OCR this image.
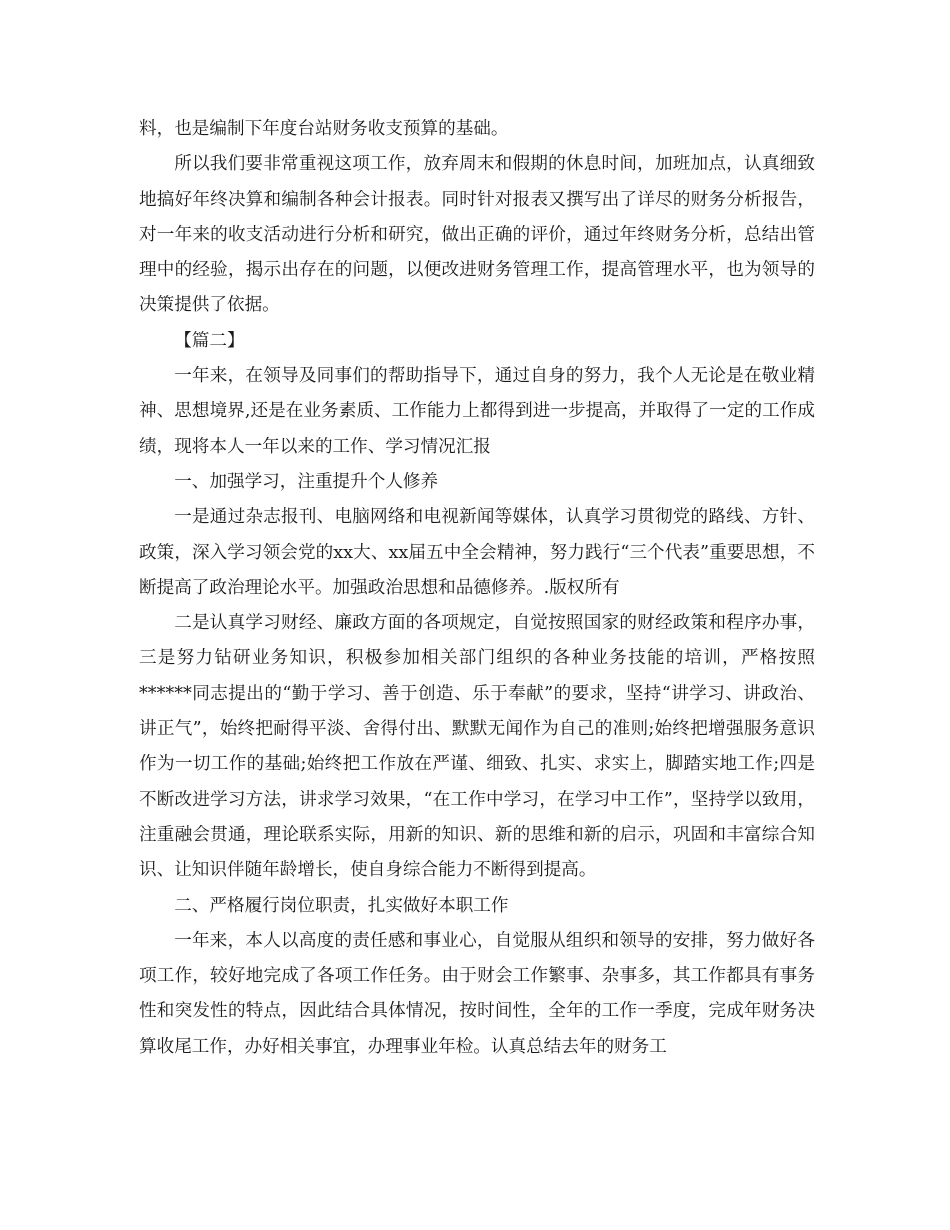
料，也是编制下年度台站财务收支预算的基础。

所以我们要非常重视这项工作，放弃周末和假期的休息时间，加班加点，认真细致地搞好年终决算和编制各种会计报表。同时针对报表又撰写出了详尽的财务分析报告，对一年来的收支活动进行分析和研究，做出正确的评价，通过年终财务分析，总结出管理中的经验，揭示出存在的问题，以便改进财务管理工作，提高管理水平，也为领导的决策提供了依据。

【篇二】

一年来，在领导及同事们的帮助指导下，通过自身的努力，我个人无论是在敬业精神、思想境界,还是在业务素质、工作能力上都得到进一步提高，并取得了一定的工作成绩，现将本人一年以来的工作、学习情况汇报

一、加强学习，注重提升个人修养

一是通过杂志报刊、电脑网络和电视新闻等媒体，认真学习贯彻党的路线、方针、政策，深入学习领会党的xx大、xx届五中全会精神，努力践行“三个代表”重要思想，不断提高了政治理论水平。加强政治思想和品德修养。.版权所有

二是认真学习财经、廉政方面的各项规定，自觉按照国家的财经政策和程序办事，三是努力钻研业务知识，积极参加相关部门组织的各种业务技能的培训，严格按照******同志提出的“勤于学习、善于创造、乐于奉献”的要求，坚持“讲学习、讲政治、讲正气”，始终把耐得平淡、舍得付出、默默无闻作为自己的准则;始终把增强服务意识作为一切工作的基础;始终把工作放在严谨、细致、扎实、求实上，脚踏实地工作;四是不断改进学习方法，讲求学习效果，“在工作中学习，在学习中工作”，坚持学以致用，注重融会贯通，理论联系实际，用新的知识、新的思维和新的启示，巩固和丰富综合知识、让知识伴随年龄增长，使自身综合能力不断得到提高。

二、严格履行岗位职责，扎实做好本职工作

一年来，本人以高度的责任感和事业心，自觉服从组织和领导的安排，努力做好各项工作，较好地完成了各项工作任务。由于财会工作繁事、杂事多，其工作都具有事务性和突发性的特点，因此结合具体情况，按时间性，全年的工作一季度，完成年财务决算收尾工作，办好相关事宜，办理事业年检。认真总结去年的财务工
